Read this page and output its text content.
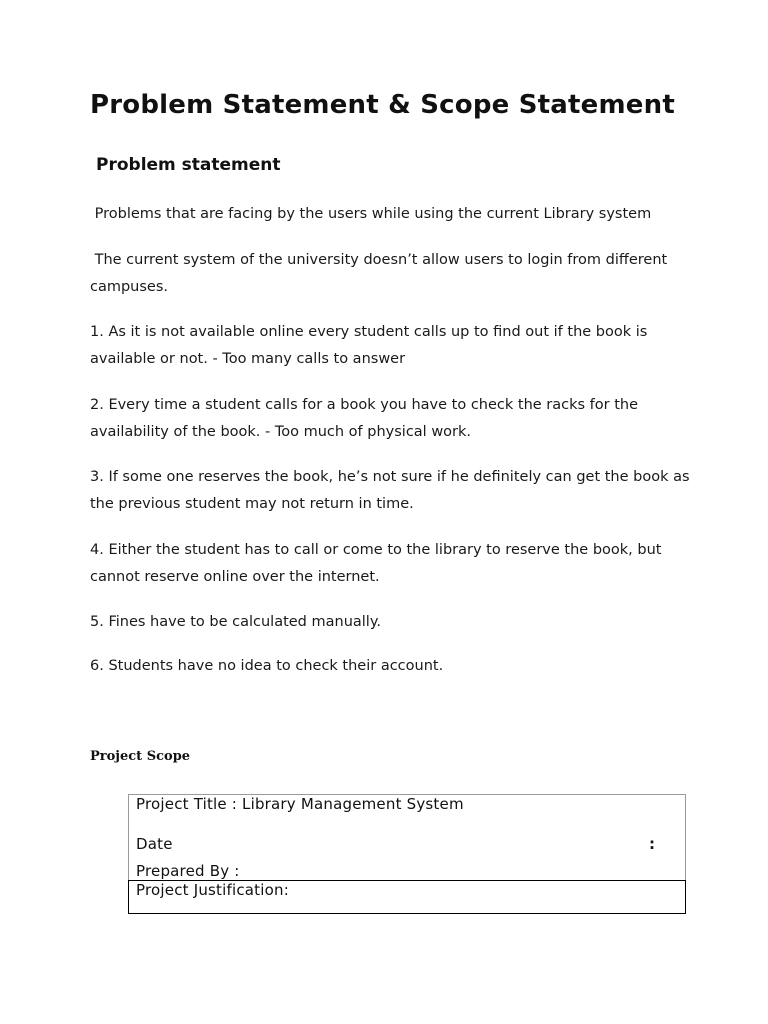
Problem Statement & Scope Statement
Problem statement

Problems that are facing by the users while using the current Library system

The current system of the university doesn’t allow users to login from different campuses.

1. As it is not available online every student calls up to find out if the book is available or not. - Too many calls to answer

2. Every time a student calls for a book you have to check the racks for the availability of the book. - Too much of physical work.

3. If some one reserves the book, he’s not sure if he definitely can get the book as the previous student may not return in time.

4. Either the student has to call or come to the library to reserve the book, but cannot reserve online over the internet.

5. Fines have to be calculated manually.

6. Students have no idea to check their account.

Project Scope

Project Title : Library Management System

Date	:

Prepared By :

Project Justification:
